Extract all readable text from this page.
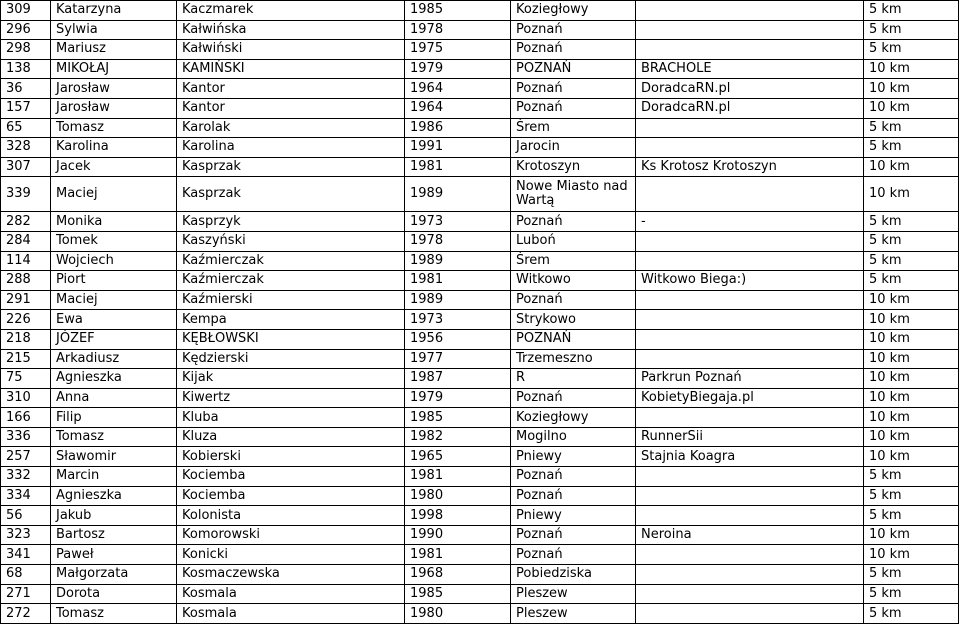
309	Katarzyna	Kaczmarek	1985	Koziegłowy		5 km
296	Sylwia	Kałwińska	1978	Poznań		5 km
298	Mariusz	Kałwiński	1975	Poznań		5 km
138	MIKOŁAJ	KAMIŃSKI	1979	POZNAŃ	BRACHOLE	10 km
36	Jarosław	Kantor	1964	Poznań	DoradcaRN.pl	10 km
157	Jarosław	Kantor	1964	Poznań	DoradcaRN.pl	10 km
65	Tomasz	Karolak	1986	Śrem		5 km
328	Karolina	Karolina	1991	Jarocin		5 km
307	Jacek	Kasprzak	1981	Krotoszyn	Ks Krotosz Krotoszyn	10 km
339	Maciej	Kasprzak	1989	Nowe Miasto nad Wartą		10 km
282	Monika	Kasprzyk	1973	Poznań	-	5 km
284	Tomek	Kaszyński	1978	Luboń		5 km
114	Wojciech	Kaźmierczak	1989	Śrem		5 km
288	Piort	Kaźmierczak	1981	Witkowo	Witkowo Biega:)	5 km
291	Maciej	Kaźmierski	1989	Poznań		10 km
226	Ewa	Kempa	1973	Strykowo		10 km
218	JÓZEF	KĘBŁOWSKI	1956	POZNAŃ		10 km
215	Arkadiusz	Kędzierski	1977	Trzemeszno		10 km
75	Agnieszka	Kijak	1987	R	Parkrun Poznań	10 km
310	Anna	Kiwertz	1979	Poznań	KobietyBiegaja.pl	10 km
166	Filip	Kluba	1985	Koziegłowy		10 km
336	Tomasz	Kluza	1982	Mogilno	RunnerSii	10 km
257	Sławomir	Kobierski	1965	Pniewy	Stajnia Koagra	10 km
332	Marcin	Kociemba	1981	Poznań		5 km
334	Agnieszka	Kociemba	1980	Poznań		5 km
56	Jakub	Kolonista	1998	Pniewy		5 km
323	Bartosz	Komorowski	1990	Poznań	Neroina	10 km
341	Paweł	Konicki	1981	Poznań		10 km
68	Małgorzata	Kosmaczewska	1968	Pobiedziska		5 km
271	Dorota	Kosmala	1985	Pleszew		5 km
272	Tomasz	Kosmala	1980	Pleszew		5 km
